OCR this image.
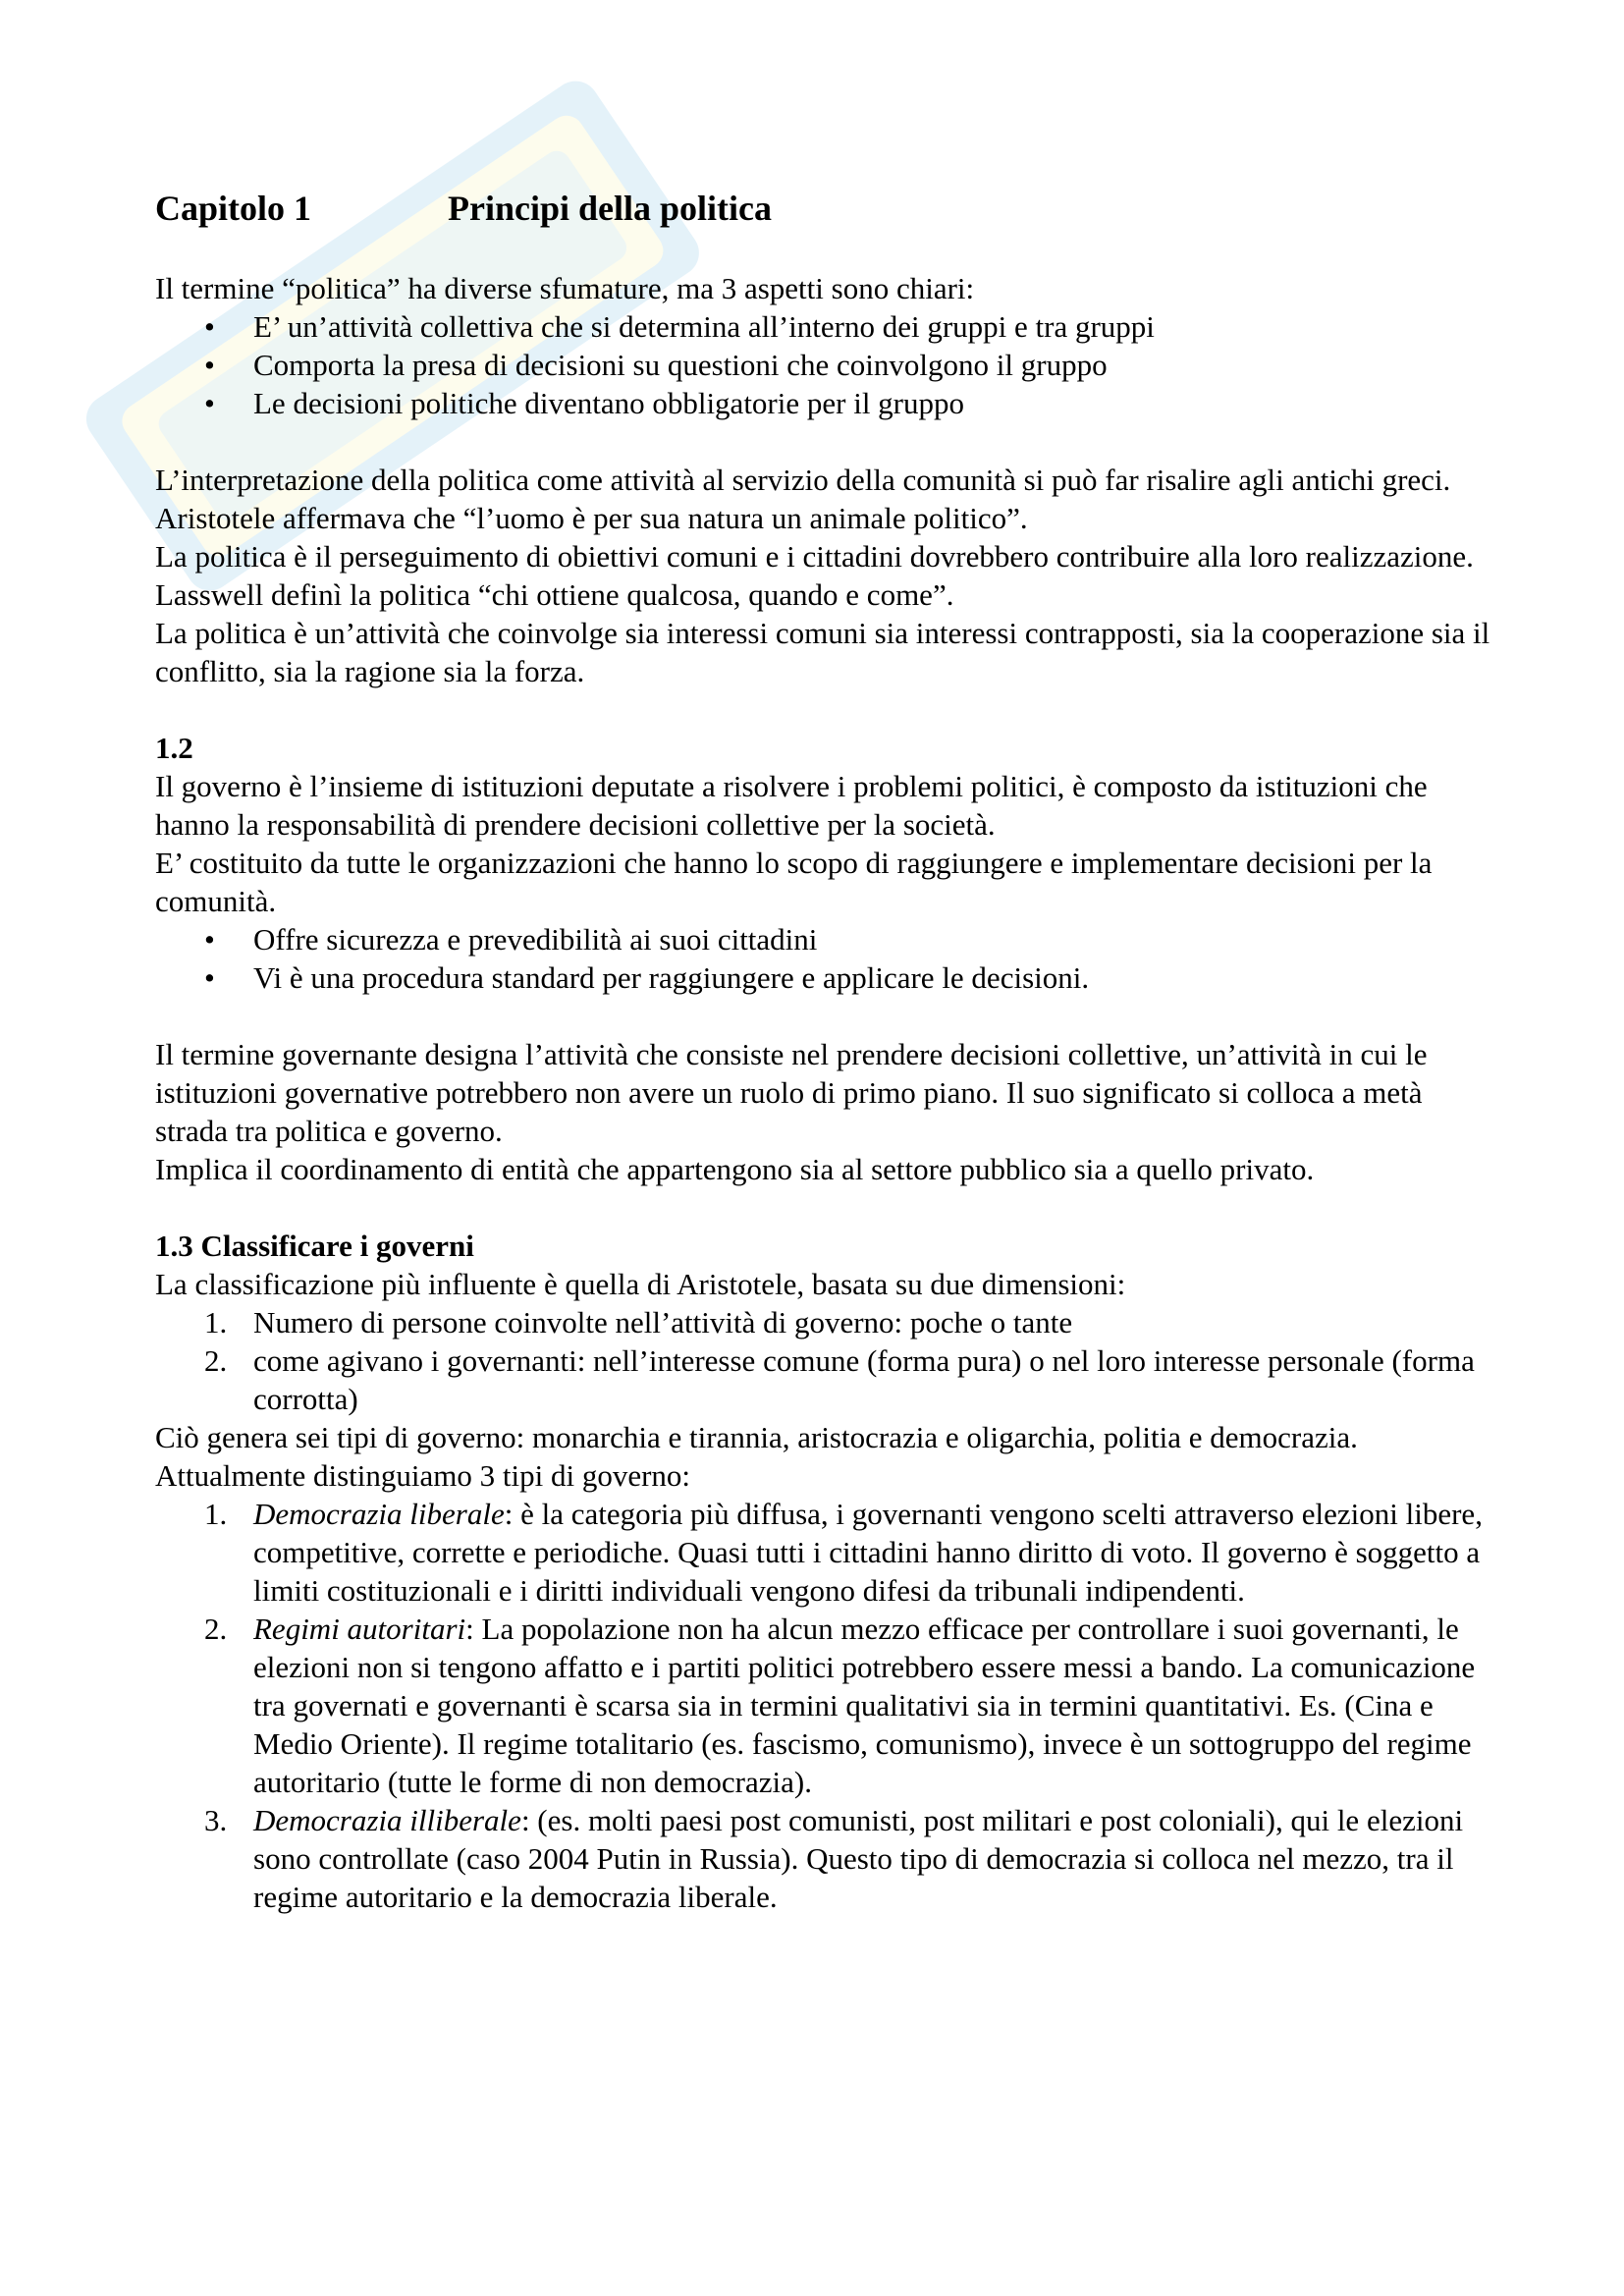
Capitolo 1	Principi della politica

Il termine “politica” ha diverse sfumature, ma 3 aspetti sono chiari:

• E’ un’attività collettiva che si determina all’interno dei gruppi e tra gruppi
• Comporta la presa di decisioni su questioni che coinvolgono il gruppo
• Le decisioni politiche diventano obbligatorie per il gruppo

L’interpretazione della politica come attività al servizio della comunità si può far risalire agli antichi greci.

Aristotele affermava che “l’uomo è per sua natura un animale politico”.

La politica è il perseguimento di obiettivi comuni e i cittadini dovrebbero contribuire alla loro realizzazione.

Lasswell definì la politica “chi ottiene qualcosa, quando e come”.

La politica è un’attività che coinvolge sia interessi comuni sia interessi contrapposti, sia la cooperazione sia il conflitto, sia la ragione sia la forza.

1.2

Il governo è l’insieme di istituzioni deputate a risolvere i problemi politici, è composto da istituzioni che hanno la responsabilità di prendere decisioni collettive per la società.

E’ costituito da tutte le organizzazioni che hanno lo scopo di raggiungere e implementare decisioni per la comunità.

• Offre sicurezza e prevedibilità ai suoi cittadini
• Vi è una procedura standard per raggiungere e applicare le decisioni.

Il termine governante designa l’attività che consiste nel prendere decisioni collettive, un’attività in cui le istituzioni governative potrebbero non avere un ruolo di primo piano. Il suo significato si colloca a metà strada tra politica e governo.

Implica il coordinamento di entità che appartengono sia al settore pubblico sia a quello privato.

1.3 Classificare i governi

La classificazione più influente è quella di Aristotele, basata su due dimensioni:

1. Numero di persone coinvolte nell’attività di governo: poche o tante
2. come agivano i governanti: nell’interesse comune (forma pura) o nel loro interesse personale (forma corrotta)

Ciò genera sei tipi di governo: monarchia e tirannia, aristocrazia e oligarchia, politia e democrazia.

Attualmente distinguiamo 3 tipi di governo:

1. Democrazia liberale: è la categoria più diffusa, i governanti vengono scelti attraverso elezioni libere, competitive, corrette e periodiche. Quasi tutti i cittadini hanno diritto di voto. Il governo è soggetto a limiti costituzionali e i diritti individuali vengono difesi da tribunali indipendenti.
2. Regimi autoritari: La popolazione non ha alcun mezzo efficace per controllare i suoi governanti, le elezioni non si tengono affatto e i partiti politici potrebbero essere messi a bando. La comunicazione tra governati e governanti è scarsa sia in termini qualitativi sia in termini quantitativi. Es. (Cina e Medio Oriente). Il regime totalitario (es. fascismo, comunismo), invece è un sottogruppo del regime autoritario (tutte le forme di non democrazia).
3. Democrazia illiberale: (es. molti paesi post comunisti, post militari e post coloniali), qui le elezioni sono controllate (caso 2004 Putin in Russia). Questo tipo di democrazia si colloca nel mezzo, tra il regime autoritario e la democrazia liberale.
